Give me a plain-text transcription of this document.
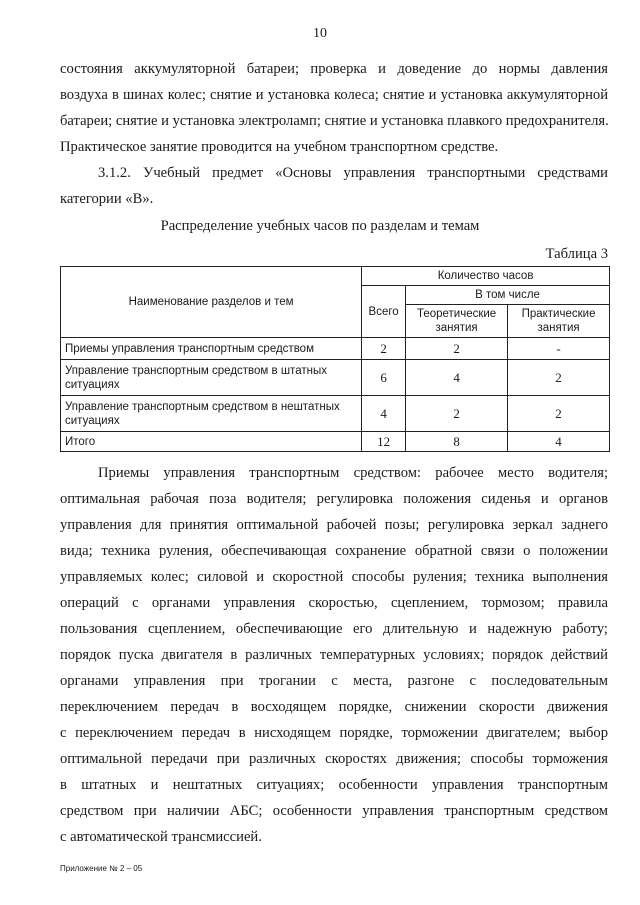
10
состояния аккумуляторной батареи; проверка и доведение до нормы давления
воздуха в шинах колес; снятие и установка колеса; снятие и установка аккумуляторной
батареи; снятие и установка электроламп; снятие и установка плавкого предохранителя.
Практическое занятие проводится на учебном транспортном средстве.
3.1.2. Учебный предмет «Основы управления транспортными средствами
категории «В».
Распределение учебных часов по разделам и темам
Таблица 3
Наименование разделов и тем	Количество часов		
	Всего	В том числе	
		Теоретические занятия	Практические занятия
Приемы управления транспортным средством	2	2	-
Управление транспортным средством в штатных ситуациях	6	4	2
Управление транспортным средством в нештатных ситуациях	4	2	2
Итого	12	8	4
Приемы управления транспортным средством: рабочее место водителя;
оптимальная рабочая поза водителя; регулировка положения сиденья и органов
управления для принятия оптимальной рабочей позы; регулировка зеркал заднего
вида; техника руления, обеспечивающая сохранение обратной связи о положении
управляемых колес; силовой и скоростной способы руления; техника выполнения
операций с органами управления скоростью, сцеплением, тормозом; правила
пользования сцеплением, обеспечивающие его длительную и надежную работу;
порядок пуска двигателя в различных температурных условиях; порядок действий
органами управления при трогании с места, разгоне с последовательным
переключением передач в восходящем порядке, снижении скорости движения
с переключением передач в нисходящем порядке, торможении двигателем; выбор
оптимальной передачи при различных скоростях движения; способы торможения
в штатных и нештатных ситуациях; особенности управления транспортным
средством при наличии АБС; особенности управления транспортным средством
с автоматической трансмиссией.
Приложение № 2 – 05
